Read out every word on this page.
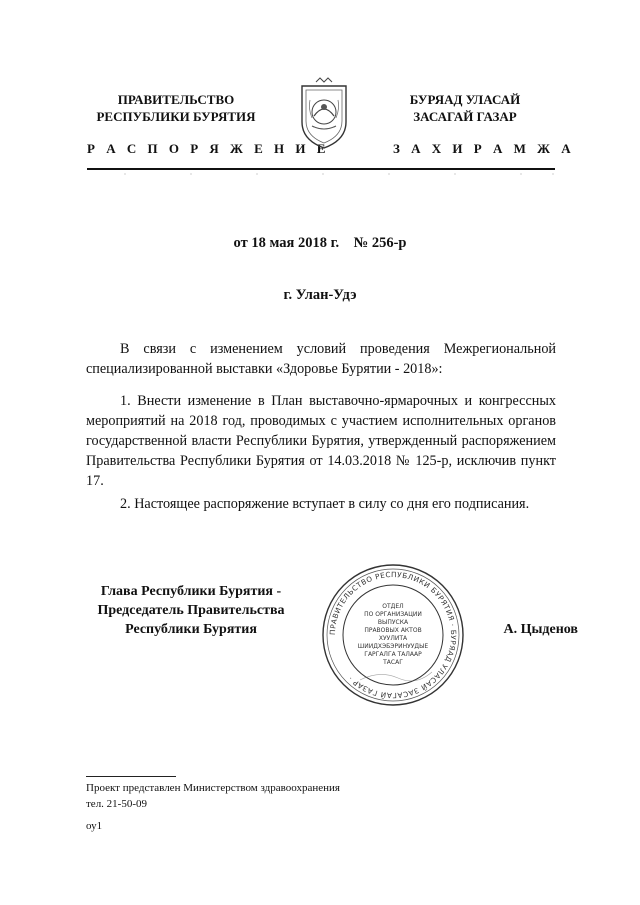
ПРАВИТЕЛЬСТВО
РЕСПУБЛИКИ БУРЯТИЯ
Р А С П О Р Я Ж Е Н И Е
БУРЯАД УЛАСАЙ
ЗАСАГАЙ ГАЗАР
З А Х И Р А М Ж А
от 18 мая 2018 г.    № 256-р
г. Улан-Удэ
В связи с изменением условий проведения Межрегиональной специализированной выставки «Здоровье Бурятии - 2018»:
1. Внести изменение в План выставочно-ярмарочных и конгрессных мероприятий на 2018 год, проводимых с участием исполнительных органов государственной власти Республики Бурятия, утвержденный распоряжением Правительства Республики Бурятия от 14.03.2018 № 125-р, исключив пункт 17.
2. Настоящее распоряжение вступает в силу со дня его подписания.
Глава Республики Бурятия -
Председатель Правительства
Республики Бурятия	ПРАВИТЕЛЬСТВО РЕСПУБЛИКИ БУРЯТИЯ · БУРЯАД УЛАСАЙ ЗАСАГАЙ ГАЗАР ·
ОТДЕЛ
ПО ОРГАНИЗАЦИИ
ВЫПУСКА
ПРАВОВЫХ АКТОВ
ХУУЛИТА
ШИИДХЭБЭРИНУУДЫЕ
ГАРГАЛГА ТАЛААР
ТАСАГ
А. Цыденов
Проект представлен Министерством здравоохранения
тел. 21-50-09
оу1
